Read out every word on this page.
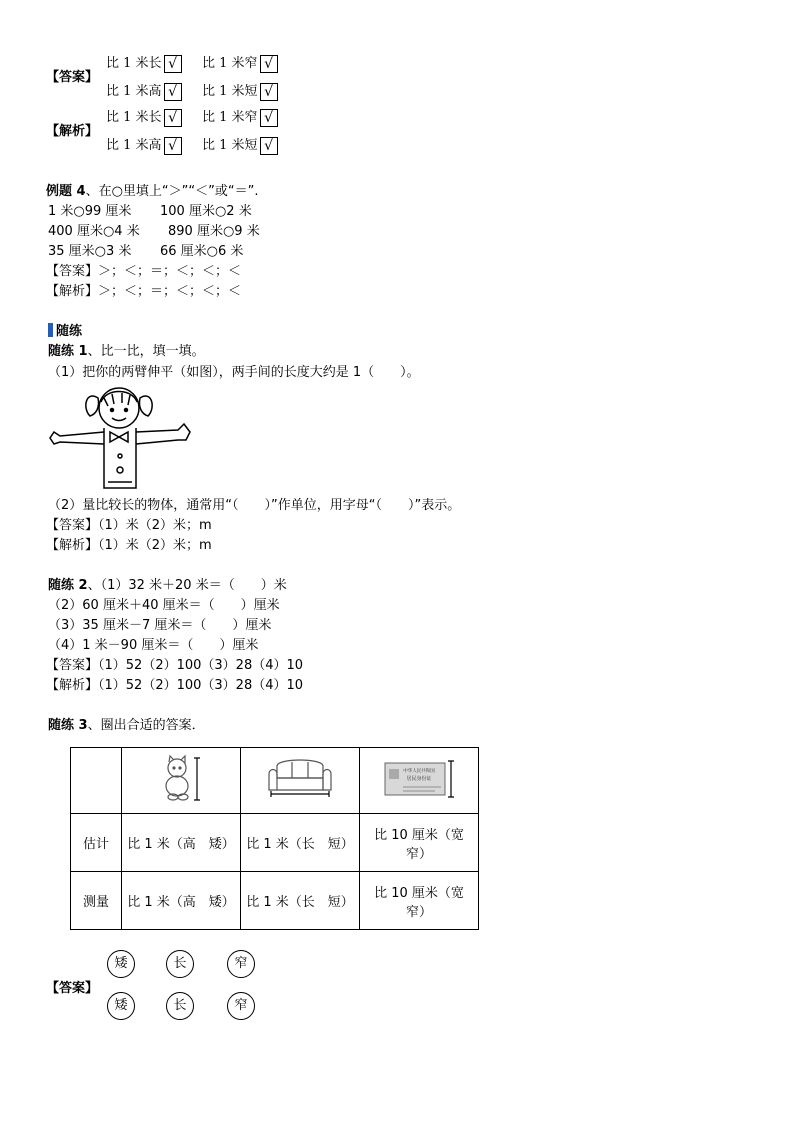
【答案】
比 1 米长 √	比 1 米窄 √
比 1 米高 √	比 1 米短 √
【解析】
比 1 米长 √	比 1 米窄 √
比 1 米高 √	比 1 米短 √
例题 4、在○里填上“＞”“＜”或“＝”.
1 米○99 厘米 100 厘米○2 米
400 厘米○4 米 890 厘米○9 米
35 厘米○3 米 66 厘米○6 米
【答案】＞；＜；＝；＜；＜；＜
【解析】＞；＜；＝；＜；＜；＜
随练
随练 1、比一比，填一填。
（1）把你的两臂伸平（如图），两手间的长度大约是 1（　　）。
（2）量比较长的物体，通常用“（　　）”作单位，用字母“（　　）”表示。
【答案】（1）米（2）米；m
【解析】（1）米（2）米；m
随练 2、（1）32 米＋20 米＝（　　）米
（2）60 厘米＋40 厘米＝（　　）厘米
（3）35 厘米－7 厘米＝（　　）厘米
（4）1 米－90 厘米＝（　　）厘米
【答案】（1）52（2）100（3）28（4）10
【解析】（1）52（2）100（3）28（4）10
随练 3、圈出合适的答案．

中华人民共和国
居民身份证

估计	比 1 米（高　矮）	比 1 米（长　短）	比 10 厘米（宽窄）
测量	比 1 米（高　矮）	比 1 米（长　短）	比 10 厘米（宽窄）
【答案】
矮	长	窄
矮	长	窄
